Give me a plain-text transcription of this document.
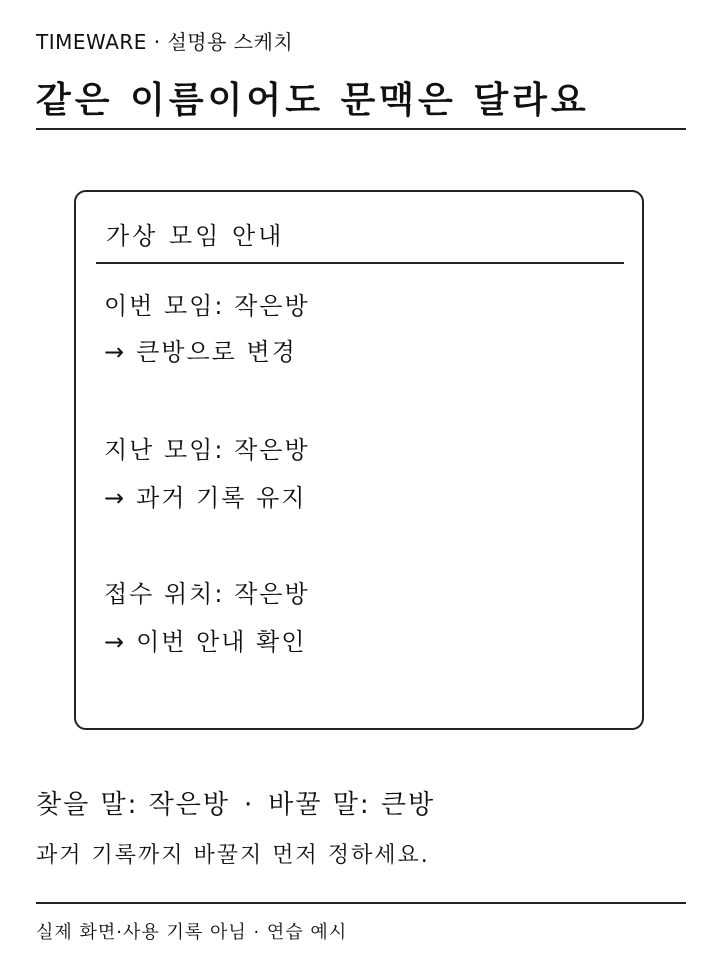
TIMEWARE · 설명용 스케치
같은 이름이어도 문맥은 달라요
가상 모임 안내
이번 모임: 작은방
→ 큰방으로 변경
지난 모임: 작은방
→ 과거 기록 유지
접수 위치: 작은방
→ 이번 안내 확인
찾을 말: 작은방 · 바꿀 말: 큰방
과거 기록까지 바꿀지 먼저 정하세요.
실제 화면·사용 기록 아님 · 연습 예시
